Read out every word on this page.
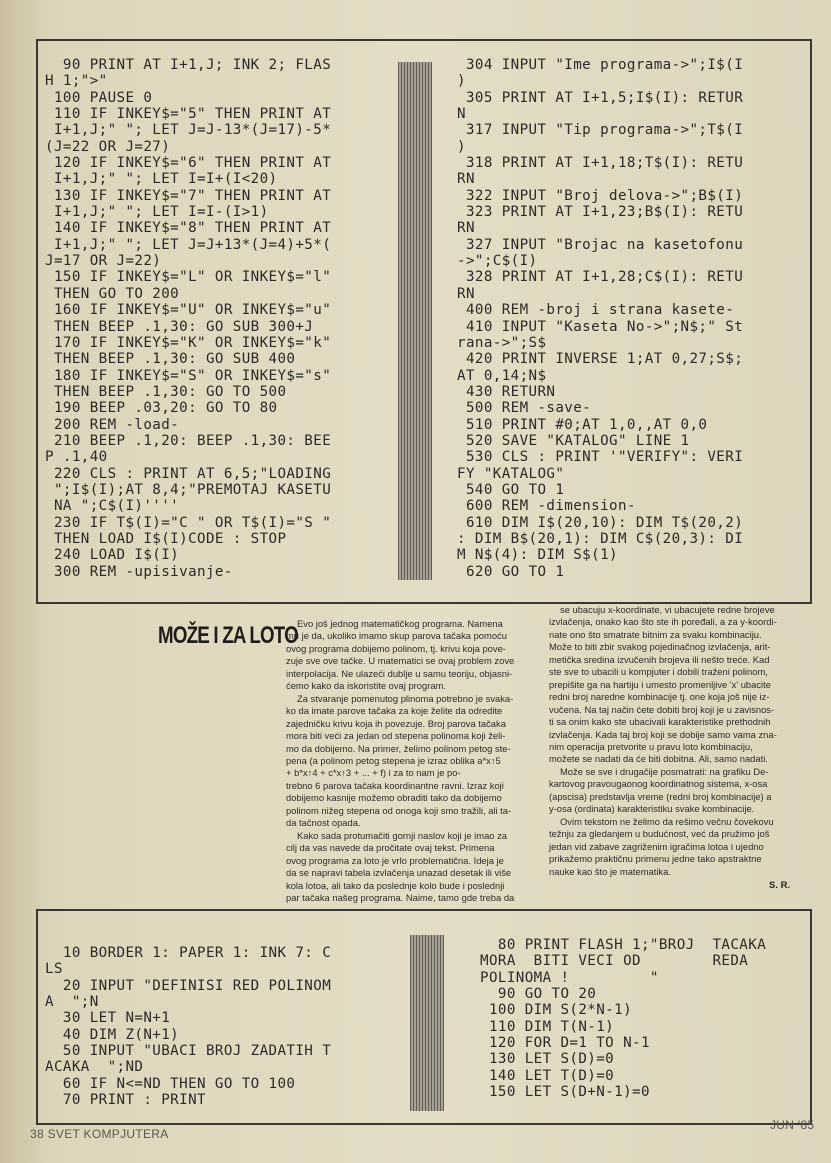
90 PRINT AT I+1,J; INK 2; FLAS
H 1;">"
100 PAUSE 0
110 IF INKEY$="5" THEN PRINT AT
I+1,J;" "; LET J=J-13*(J=17)-5*
(J=22 OR J=27)
120 IF INKEY$="6" THEN PRINT AT
I+1,J;" "; LET I=I+(I<20)
130 IF INKEY$="7" THEN PRINT AT
I+1,J;" "; LET I=I-(I>1)
140 IF INKEY$="8" THEN PRINT AT
I+1,J;" "; LET J=J+13*(J=4)+5*(
J=17 OR J=22)
150 IF INKEY$="L" OR INKEY$="l"
THEN GO TO 200
160 IF INKEY$="U" OR INKEY$="u"
THEN BEEP .1,30: GO SUB 300+J
170 IF INKEY$="K" OR INKEY$="k"
THEN BEEP .1,30: GO SUB 400
180 IF INKEY$="S" OR INKEY$="s"
THEN BEEP .1,30: GO TO 500
190 BEEP .03,20: GO TO 80
200 REM -load-
210 BEEP .1,20: BEEP .1,30: BEE
P .1,40
220 CLS : PRINT AT 6,5;"LOADING
";I$(I);AT 8,4;"PREMOTAJ KASETU
NA ";C$(I)''''
230 IF T$(I)="C " OR T$(I)="S "
THEN LOAD I$(I)CODE : STOP
240 LOAD I$(I)
300 REM -upisivanje-
304 INPUT "Ime programa->";I$(I
)
305 PRINT AT I+1,5;I$(I): RETUR
N
317 INPUT "Tip programa->";T$(I
)
318 PRINT AT I+1,18;T$(I): RETU
RN
322 INPUT "Broj delova->";B$(I)
323 PRINT AT I+1,23;B$(I): RETU
RN
327 INPUT "Brojac na kasetofonu
->";C$(I)
328 PRINT AT I+1,28;C$(I): RETU
RN
400 REM -broj i strana kasete-
410 INPUT "Kaseta No->";N$;" St
rana->";S$
420 PRINT INVERSE 1;AT 0,27;S$;
AT 0,14;N$
430 RETURN
500 REM -save-
510 PRINT #0;AT 1,0,,AT 0,0
520 SAVE "KATALOG" LINE 1
530 CLS : PRINT '"VERIFY": VERI
FY "KATALOG"
540 GO TO 1
600 REM -dimension-
610 DIM I$(20,10): DIM T$(20,2)
: DIM B$(20,1): DIM C$(20,3): DI
M N$(4): DIM S$(1)
620 GO TO 1
MOŽE I ZA LOTO Evo još jednog matematičkog programa. Namena
mu je da, ukoliko imamo skup parova tačaka pomoću
ovog programa dobijemo polinom, tj. krivu koja pove-
zuje sve ove tačke. U matematici se ovaj problem zove
interpolacija. Ne ulazeći dublje u samu teoriju, objasni-
ćemo kako da iskoristite ovaj program.
Za stvaranje pomenutog plinoma potrebno je svaka-
ko da imate parove tačaka za koje želite da odredite
zajedničku krivu koja ih povezuje. Broj parova tačaka
mora biti veći za jedan od stepena polinoma koji želi-
mo da dobijemo. Na primer, želimo polinom petog ste-
pena (a polinom petog stepena je izraz oblika a*x↑5
+ b*x↑4 + c*x↑3 + ... + f) i za to nam je po-
trebno 6 parova tačaka koordinantne ravni. Izraz koji
dobijemo kasnije možemo obraditi tako da dobijemo
polinom nižeg stepena od onoga koji smo tražili, ali ta-
da tačnost opada.
Kako sada protumačiti gornji naslov koji je imao za
cilj da vas navede da pročitate ovaj tekst. Primena
ovog programa za loto je vrlo problematična. Ideja je
da se napravi tabela izvlačenja unazad desetak ili više
kola lotoa, ali tako da poslednje kolo bude i poslednji
par tačaka našeg programa. Naime, tamo gde treba da
se ubacuju x-koordinate, vi ubacujete redne brojeve
izvlačenja, onako kao što ste ih poređali, a za y-koordi-
nate ono što smatrate bitnim za svaku kombinaciju.
Može to biti zbir svakog pojedinačnog izvlačenja, arit-
metička sredina izvučenih brojeva ili nešto treće. Kad
ste sve to ubacili u kompjuter i dobili traženi polinom,
prepišite ga na hartiju i umesto promenljive 'x' ubacite
redni broj naredne kombinacije tj. one koja još nije iz-
vučena. Na taj način ćete dobiti broj koji je u zavisnos-
ti sa onim kako ste ubacivali karakteristike prethodnih
izvlačenja. Kada taj broj koji se dobije samo vama zna-
nim operacija pretvorite u pravu loto kombinaciju,
možete se nadati da će biti dobitna. Ali, samo nadati.
Može se sve i drugačije posmatrati: na grafiku De-
kartovog pravougaonog koordinatnog sistema, x-osa
(apscisa) predstavlja vreme (redni broj kombinacije) a
y-osa (ordinata) karakteristiku svake kombinacije.
Ovim tekstom ne želimo da rešimo večnu čovekovu
težnju za gledanjem u budućnost, već da pružimo još
jedan vid zabave zagriženim igračima lotoa i ujedno
prikažemo praktičnu primenu jedne tako apstraktne
nauke kao što je matematika.
S. R.
10 BORDER 1: PAPER 1: INK 7: C
LS
20 INPUT "DEFINISI RED POLINOM
A  ";N
30 LET N=N+1
40 DIM Z(N+1)
50 INPUT "UBACI BROJ ZADATIH T
ACAKA  ";ND
60 IF N<=ND THEN GO TO 100
70 PRINT : PRINT
80 PRINT FLASH 1;"BROJ  TACAKA
MORA  BITI VECI OD        REDA
POLINOMA !         "
90 GO TO 20
100 DIM S(2*N-1)
110 DIM T(N-1)
120 FOR D=1 TO N-1
130 LET S(D)=0
140 LET T(D)=0
150 LET S(D+N-1)=0
38 SVET KOMPJUTERA
JUN '85
